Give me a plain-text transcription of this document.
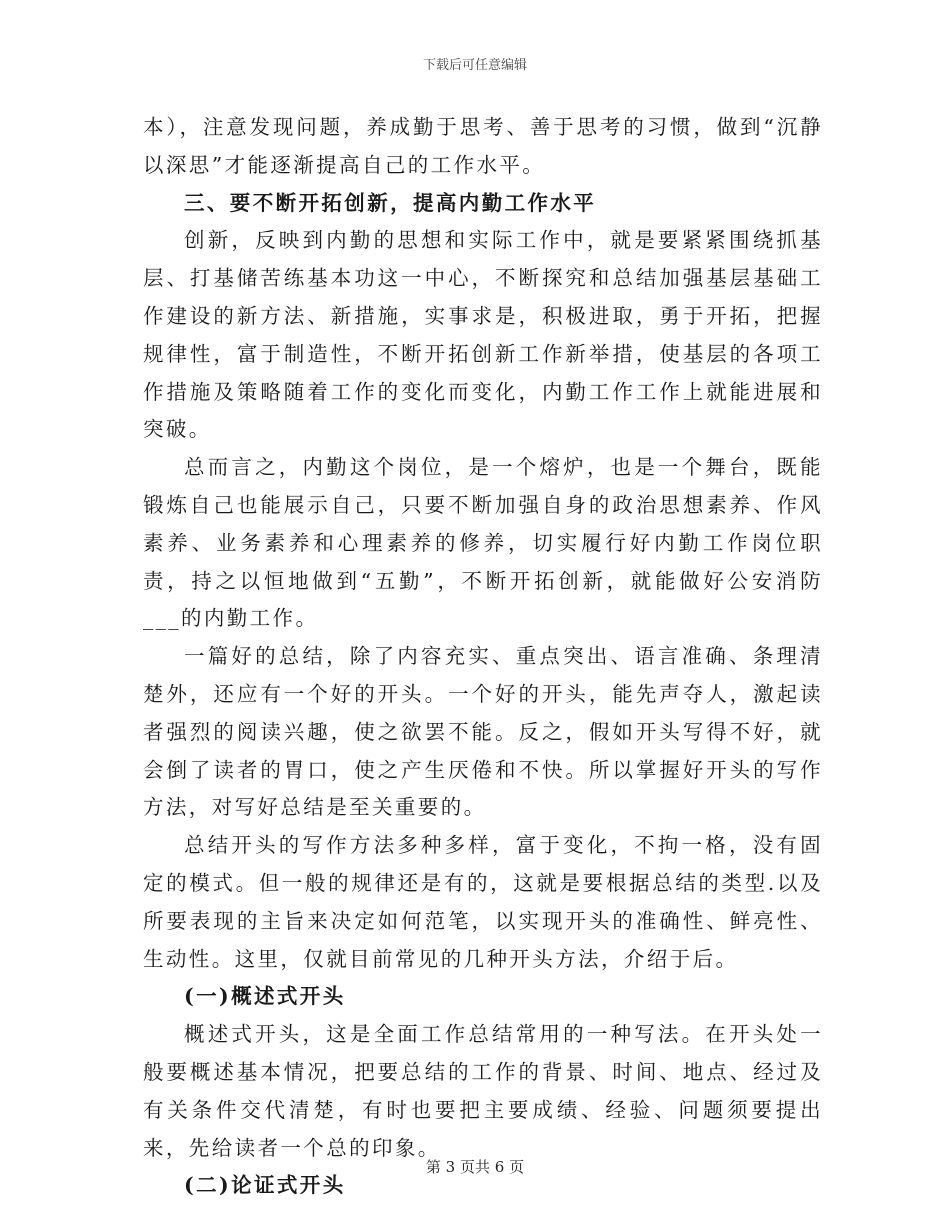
下载后可任意编辑

本），注意发现问题，养成勤于思考、善于思考的习惯，做到“沉静以深思”才能逐渐提高自己的工作水平。

三、要不断开拓创新，提高内勤工作水平

创新，反映到内勤的思想和实际工作中，就是要紧紧围绕抓基层、打基储苦练基本功这一中心，不断探究和总结加强基层基础工作建设的新方法、新措施，实事求是，积极进取，勇于开拓，把握规律性，富于制造性，不断开拓创新工作新举措，使基层的各项工作措施及策略随着工作的变化而变化，内勤工作工作上就能进展和突破。

总而言之，内勤这个岗位，是一个熔炉，也是一个舞台，既能锻炼自己也能展示自己，只要不断加强自身的政治思想素养、作风素养、业务素养和心理素养的修养，切实履行好内勤工作岗位职责，持之以恒地做到“五勤”，不断开拓创新，就能做好公安消防___的内勤工作。

一篇好的总结，除了内容充实、重点突出、语言准确、条理清楚外，还应有一个好的开头。一个好的开头，能先声夺人，激起读者强烈的阅读兴趣，使之欲罢不能。反之，假如开头写得不好，就会倒了读者的胃口，使之产生厌倦和不快。所以掌握好开头的写作方法，对写好总结是至关重要的。

总结开头的写作方法多种多样，富于变化，不拘一格，没有固定的模式。但一般的规律还是有的，这就是要根据总结的类型.以及所要表现的主旨来决定如何范笔，以实现开头的准确性、鲜亮性、生动性。这里，仅就目前常见的几种开头方法，介绍于后。

(一)概述式开头

概述式开头，这是全面工作总结常用的一种写法。在开头处一般要概述基本情况，把要总结的工作的背景、时间、地点、经过及有关条件交代清楚，有时也要把主要成绩、经验、问题须要提出来，先给读者一个总的印象。

(二)论证式开头

第 3 页共 6 页
